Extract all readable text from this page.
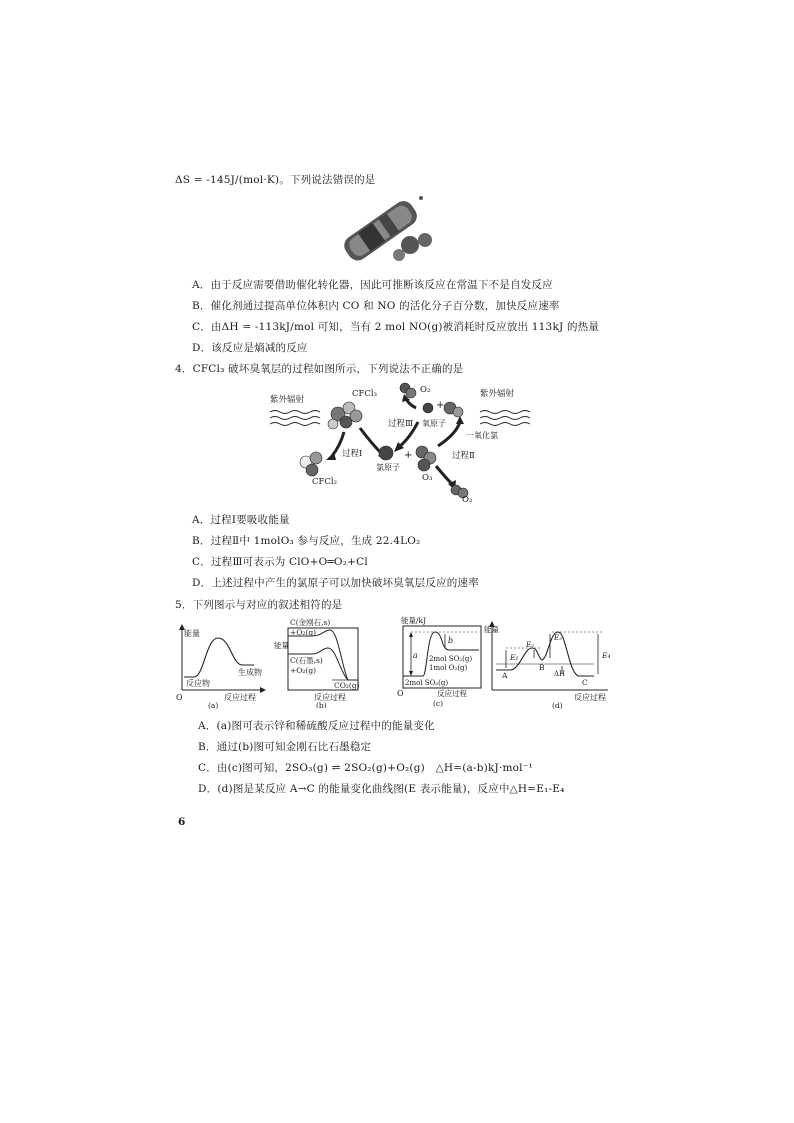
ΔS = -145J/(mol·K)。下列说法错误的是
A．由于反应需要借助催化转化器，因此可推断该反应在常温下不是自发反应
B．催化剂通过提高单位体积内 CO 和 NO 的活化分子百分数，加快反应速率
C．由ΔH = -113kJ/mol 可知，当有 2 mol NO(g)被消耗时反应放出 113kJ 的热量
D．该反应是熵减的反应
4．CFCl₃ 破坏臭氧层的过程如图所示，下列说法不正确的是
紫外辐射
紫外辐射
CFCl₃	O₂
+
过程Ⅲ 氧原子
一氧化氯
过程Ⅰ
氯原子
+	过程Ⅱ
CFCl₂	O₃
O₂
A．过程Ⅰ要吸收能量
B．过程Ⅱ中 1molO₃ 参与反应，生成 22.4LO₂
C．过程Ⅲ可表示为 ClO+O═O₂+Cl
D．上述过程中产生的氯原子可以加快破坏臭氧层反应的速率
5．下列图示与对应的叙述相符的是
能量
生成物
反应物
O	反应过程
(a)
能量
C(金刚石,s)
+O₂(g)
C(石墨,s)
+O₂(g)
CO₂(g)
反应过程
(b)
能量/kJ
a
b
2mol SO₂(g)
1mol O₂(g)
2mol SO₃(g)
O	反应过程
(c)
能量
E₁
E₂
E₃
E₄
A
B
ΔH
C
反应过程
(d)
A．(a)图可表示锌和稀硫酸反应过程中的能量变化
B．通过(b)图可知金刚石比石墨稳定
C．由(c)图可知，2SO₃(g) ⇌ 2SO₂(g)+O₂(g)　△H=(a-b)kJ·mol⁻¹
D．(d)图是某反应 A→C 的能量变化曲线图(E 表示能量)，反应中△H=E₁-E₄
6
